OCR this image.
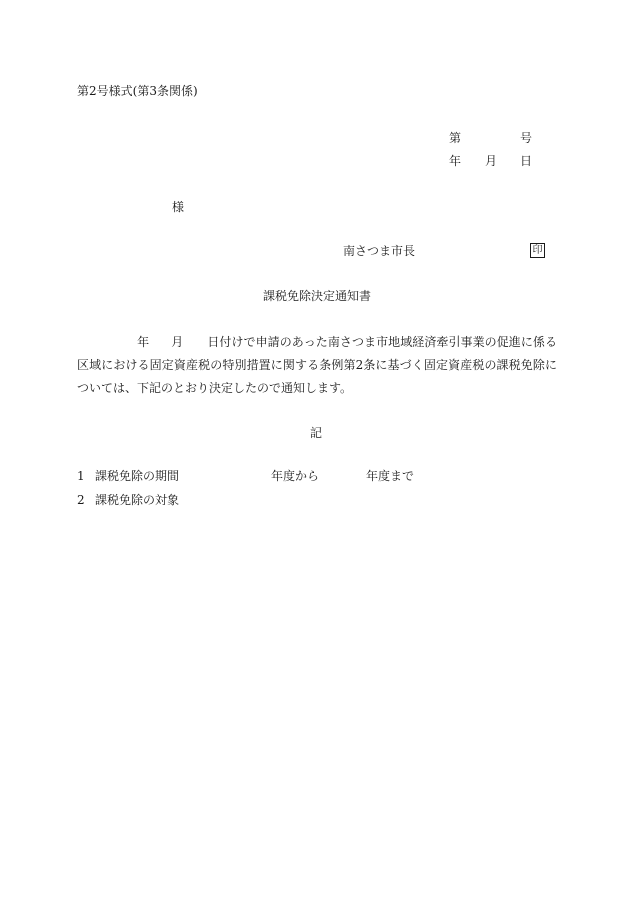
第2号様式(第3条関係)
第	号
年 月 日
様
南さつま市長	印
課税免除決定通知書
年 月 日付けで申請のあった南さつま市地域経済牽引事業の促進に係る区域における固定資産税の特別措置に関する条例第2条に基づく固定資産税の課税免除については、下記のとおり決定したので通知します。
記
1 課税免除の期間	年度から	年度まで
2 課税免除の対象
